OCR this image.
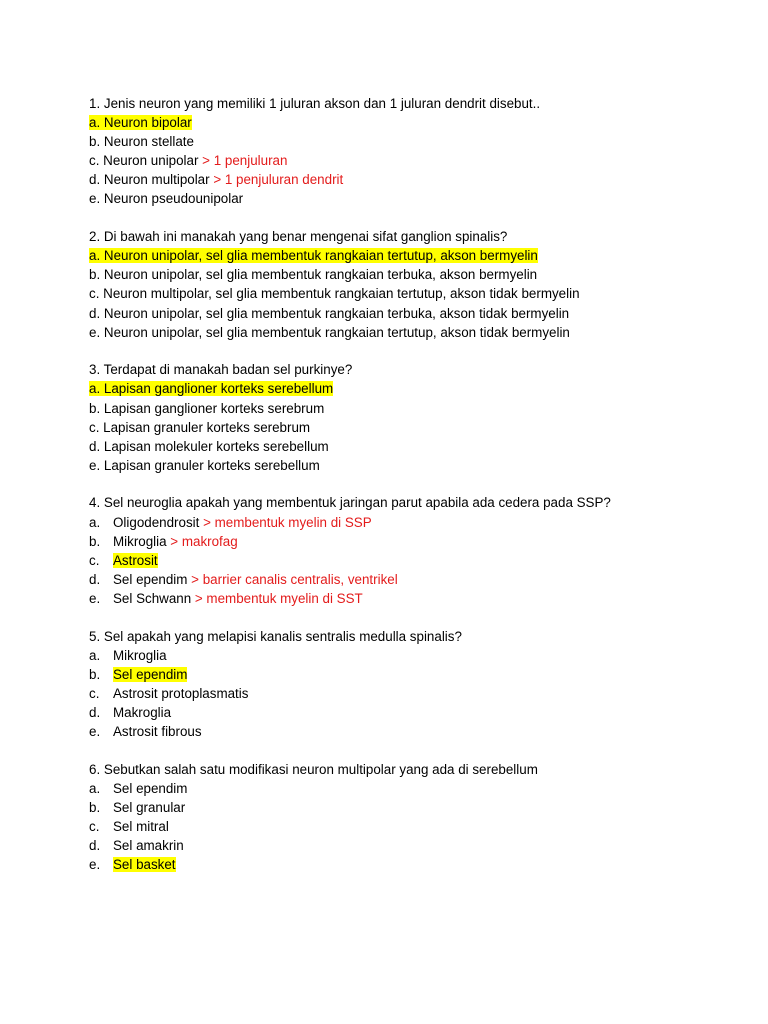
1. Jenis neuron yang memiliki 1 juluran akson dan 1 juluran dendrit disebut..
a. Neuron bipolar
b. Neuron stellate
c. Neuron unipolar > 1 penjuluran
d. Neuron multipolar > 1 penjuluran dendrit
e. Neuron pseudounipolar
2. Di bawah ini manakah yang benar mengenai sifat ganglion spinalis?
a. Neuron unipolar, sel glia membentuk rangkaian tertutup, akson bermyelin
b. Neuron unipolar, sel glia membentuk rangkaian terbuka, akson bermyelin
c. Neuron multipolar, sel glia membentuk rangkaian tertutup, akson tidak bermyelin
d. Neuron unipolar, sel glia membentuk rangkaian terbuka, akson tidak bermyelin
e. Neuron unipolar, sel glia membentuk rangkaian tertutup, akson tidak bermyelin
3. Terdapat di manakah badan sel purkinye?
a. Lapisan ganglioner korteks serebellum
b. Lapisan ganglioner korteks serebrum
c. Lapisan granuler korteks serebrum
d. Lapisan molekuler korteks serebellum
e. Lapisan granuler korteks serebellum
4. Sel neuroglia apakah yang membentuk jaringan parut apabila ada cedera pada SSP?
a. Oligodendrosit > membentuk myelin di SSP
b. Mikroglia > makrofag
c. Astrosit
d. Sel ependim > barrier canalis centralis, ventrikel
e. Sel Schwann > membentuk myelin di SST
5. Sel apakah yang melapisi kanalis sentralis medulla spinalis?
a. Mikroglia
b. Sel ependim
c. Astrosit protoplasmatis
d. Makroglia
e. Astrosit fibrous
6. Sebutkan salah satu modifikasi neuron multipolar yang ada di serebellum
a. Sel ependim
b. Sel granular
c. Sel mitral
d. Sel amakrin
e. Sel basket
